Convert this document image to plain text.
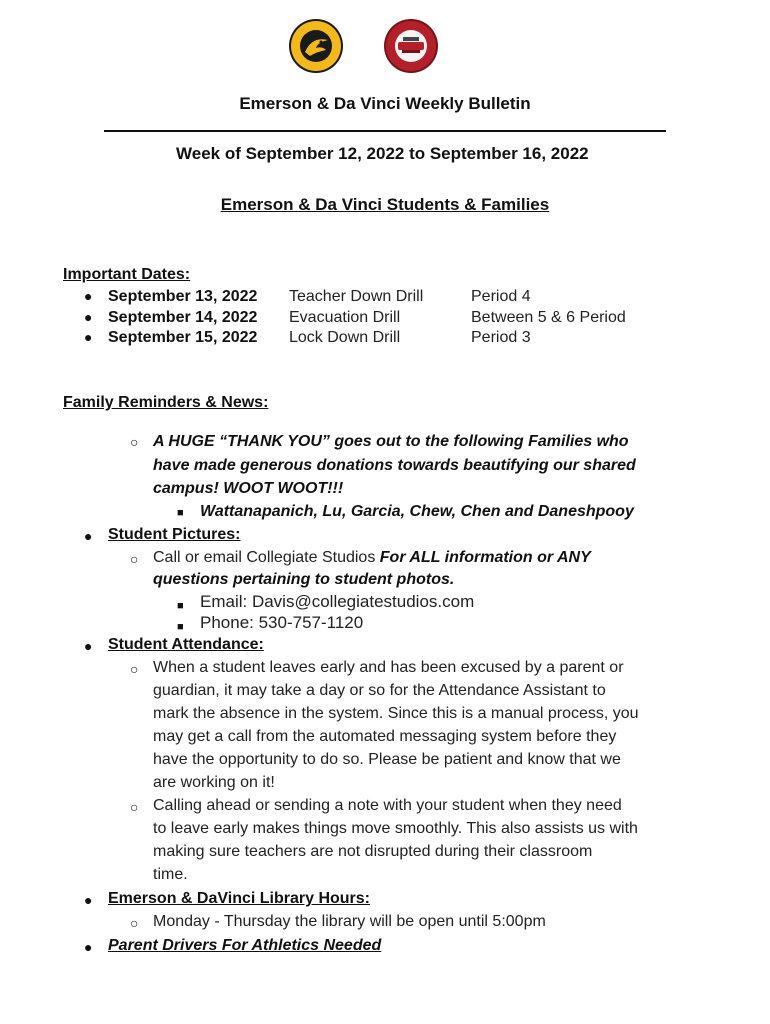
Emerson & Da Vinci Weekly Bulletin
Week of September 12, 2022 to September 16, 2022
Emerson & Da Vinci Students & Families
Important Dates:
● September 13, 2022 Teacher Down Drill	Period 4
● September 14, 2022 Evacuation Drill	Between 5 & 6 Period
● September 15, 2022 Lock Down Drill	Period 3
Family Reminders & News:
○ A HUGE “THANK YOU” goes out to the following Families who
have made generous donations towards beautifying our shared
campus! WOOT WOOT!!!
■ Wattanapanich, Lu, Garcia, Chew, Chen and Daneshpooy
● Student Pictures:
○ Call or email Collegiate Studios For ALL information or ANY
questions pertaining to student photos.
■ Email: Davis@collegiatestudios.com
■ Phone: 530-757-1120
● Student Attendance:
○ When a student leaves early and has been excused by a parent or
guardian, it may take a day or so for the Attendance Assistant to
mark the absence in the system. Since this is a manual process, you
may get a call from the automated messaging system before they
have the opportunity to do so. Please be patient and know that we
are working on it!
○ Calling ahead or sending a note with your student when they need
to leave early makes things move smoothly. This also assists us with
making sure teachers are not disrupted during their classroom
time.
● Emerson & DaVinci Library Hours:
○ Monday - Thursday the library will be open until 5:00pm
● Parent Drivers For Athletics Needed
